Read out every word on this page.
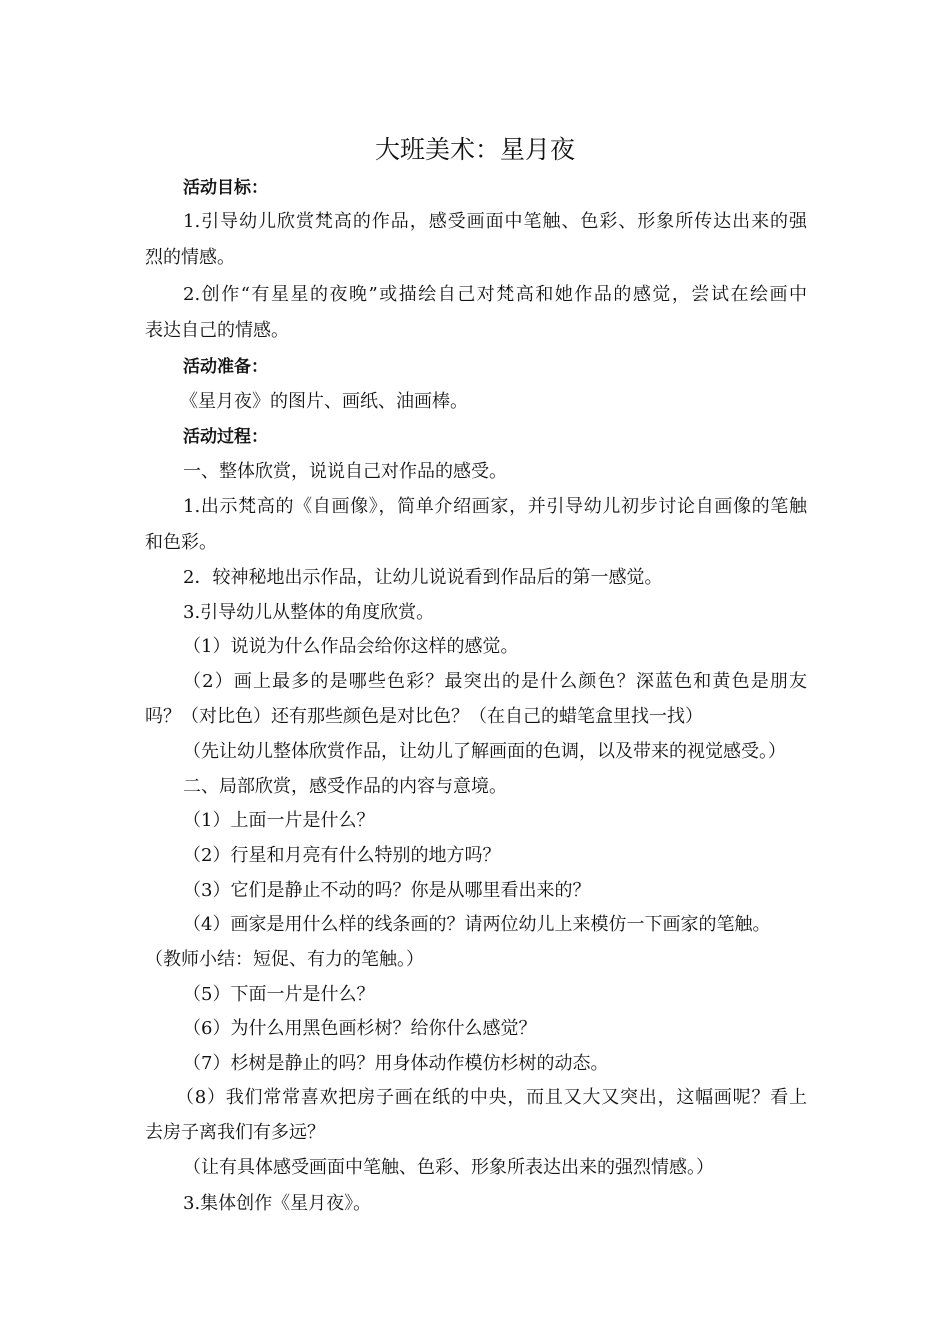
大班美术：星月夜

活动目标：

1.引导幼儿欣赏梵高的作品，感受画面中笔触、色彩、形象所传达出来的强

烈的情感。

2.创作“有星星的夜晚”或描绘自己对梵高和她作品的感觉，尝试在绘画中

表达自己的情感。

活动准备：

《星月夜》的图片、画纸、油画棒。

活动过程：

一、整体欣赏，说说自己对作品的感受。

1.出示梵高的《自画像》，简单介绍画家，并引导幼儿初步讨论自画像的笔触

和色彩。

2．较神秘地出示作品，让幼儿说说看到作品后的第一感觉。

3.引导幼儿从整体的角度欣赏。

（1）说说为什么作品会给你这样的感觉。

（2）画上最多的是哪些色彩？最突出的是什么颜色？深蓝色和黄色是朋友

吗？（对比色）还有那些颜色是对比色？（在自己的蜡笔盒里找一找）

（先让幼儿整体欣赏作品，让幼儿了解画面的色调，以及带来的视觉感受。）

二、局部欣赏，感受作品的内容与意境。

（1）上面一片是什么？

（2）行星和月亮有什么特别的地方吗？

（3）它们是静止不动的吗？你是从哪里看出来的？

（4）画家是用什么样的线条画的？请两位幼儿上来模仿一下画家的笔触。

（教师小结：短促、有力的笔触。）

（5）下面一片是什么？

（6）为什么用黑色画杉树？给你什么感觉？

（7）杉树是静止的吗？用身体动作模仿杉树的动态。

（8）我们常常喜欢把房子画在纸的中央，而且又大又突出，这幅画呢？看上

去房子离我们有多远？

（让有具体感受画面中笔触、色彩、形象所表达出来的强烈情感。）

3.集体创作《星月夜》。
